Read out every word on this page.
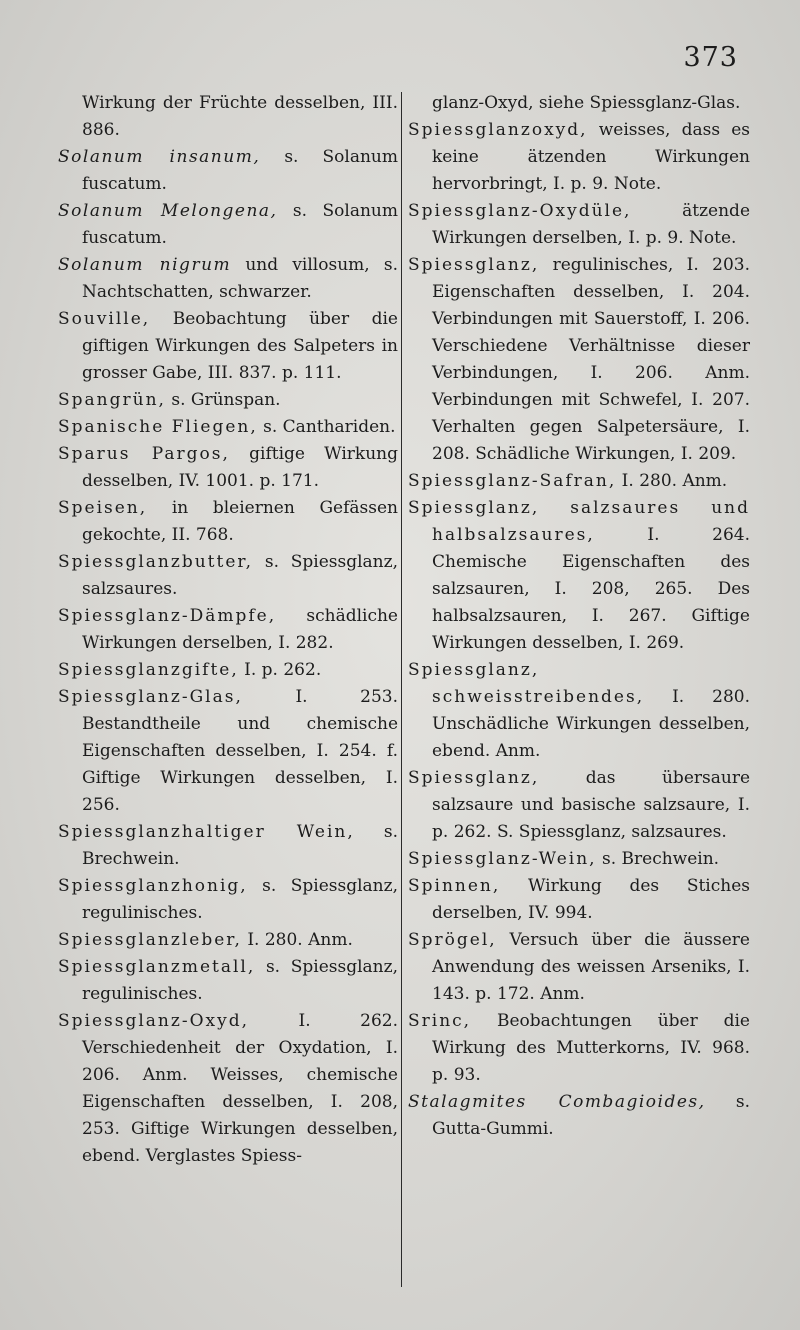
373
Wirkung der Früchte desselben, III. 886.
Solanum insanum, s. Solanum fuscatum.
Solanum Melongena, s. Solanum fuscatum.
Solanum nigrum und villosum, s. Nachtschatten, schwarzer.
Souville, Beobachtung über die giftigen Wirkungen des Salpeters in grosser Gabe, III. 837. p. 111.
Spangrün, s. Grünspan.
Spanische Fliegen, s. Canthariden.
Sparus Pargos, giftige Wirkung desselben, IV. 1001. p. 171.
Speisen, in bleiernen Gefässen gekochte, II. 768.
Spiessglanzbutter, s. Spiessglanz, salzsaures.
Spiessglanz-Dämpfe, schädliche Wirkungen derselben, I. 282.
Spiessglanzgifte, I. p. 262.
Spiessglanz-Glas, I. 253. Bestandtheile und chemische Eigenschaften desselben, I. 254. f. Giftige Wirkungen desselben, I. 256.
Spiessglanzhaltiger Wein, s. Brechwein.
Spiessglanzhonig, s. Spiessglanz, regulinisches.
Spiessglanzleber, I. 280. Anm.
Spiessglanzmetall, s. Spiessglanz, regulinisches.
Spiessglanz-Oxyd, I. 262. Verschiedenheit der Oxydation, I. 206. Anm. Weisses, chemische Eigenschaften desselben, I. 208, 253. Giftige Wirkungen desselben, ebend. Verglastes Spiess-
glanz-Oxyd, siehe Spiessglanz-Glas.
Spiessglanzoxyd, weisses, dass es keine ätzenden Wirkungen hervorbringt, I. p. 9. Note.
Spiessglanz-Oxydüle, ätzende Wirkungen derselben, I. p. 9. Note.
Spiessglanz, regulinisches, I. 203. Eigenschaften desselben, I. 204. Verbindungen mit Sauerstoff, I. 206. Verschiedene Verhältnisse dieser Verbindungen, I. 206. Anm. Verbindungen mit Schwefel, I. 207. Verhalten gegen Salpetersäure, I. 208. Schädliche Wirkungen, I. 209.
Spiessglanz-Safran, I. 280. Anm.
Spiessglanz, salzsaures und halbsalzsaures, I. 264. Chemische Eigenschaften des salzsauren, I. 208, 265. Des halbsalzsauren, I. 267. Giftige Wirkungen desselben, I. 269.
Spiessglanz, schweisstreibendes, I. 280. Unschädliche Wirkungen desselben, ebend. Anm.
Spiessglanz, das übersaure salzsaure und basische salzsaure, I. p. 262. S. Spiessglanz, salzsaures.
Spiessglanz-Wein, s. Brechwein.
Spinnen, Wirkung des Stiches derselben, IV. 994.
Sprögel, Versuch über die äussere Anwendung des weissen Arseniks, I. 143. p. 172. Anm.
Srinc, Beobachtungen über die Wirkung des Mutterkorns, IV. 968. p. 93.
Stalagmites Combagioides, s. Gutta-Gummi.
